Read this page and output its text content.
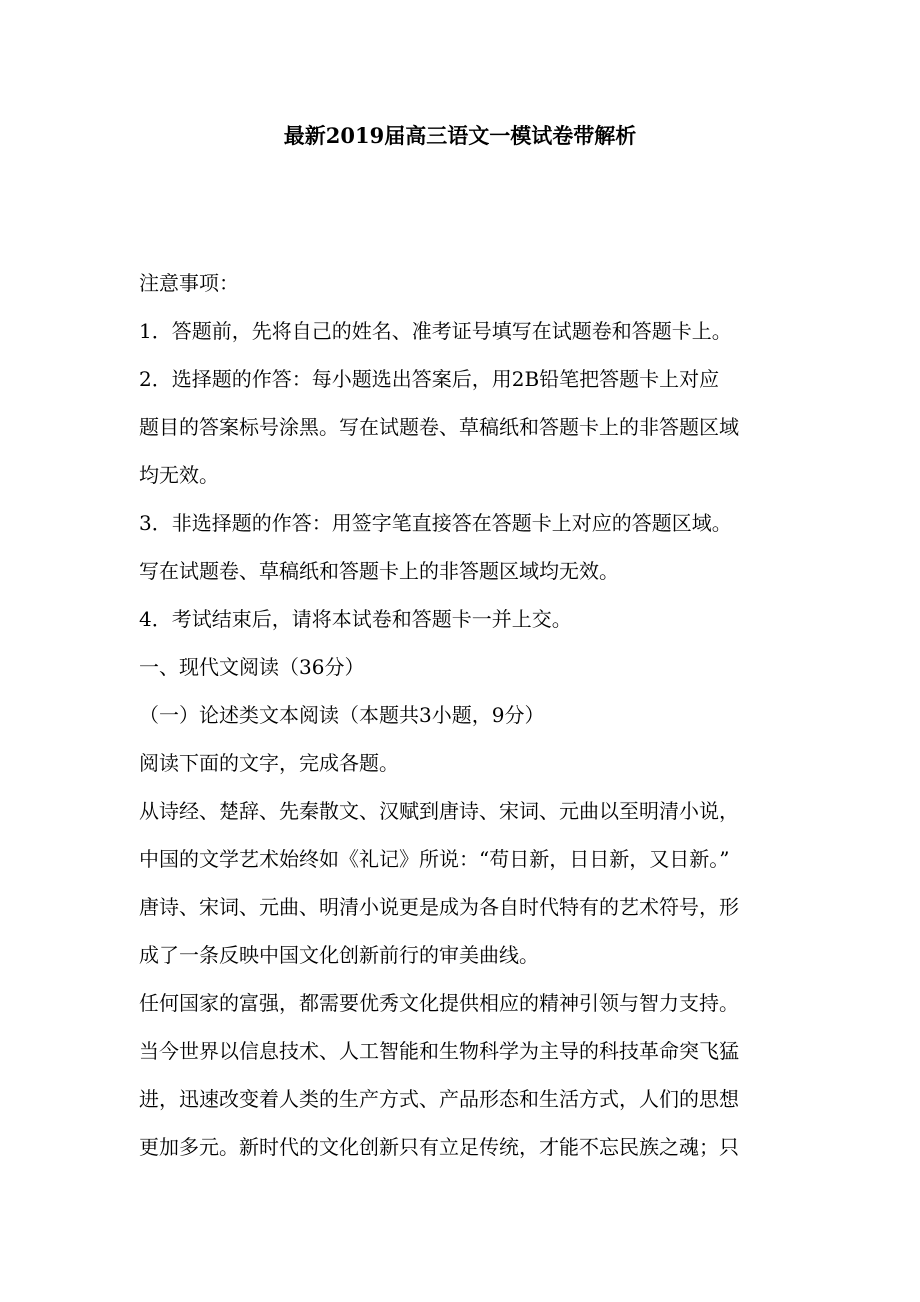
最新2019届高三语文一模试卷带解析
注意事项：
1．答题前，先将自己的姓名、准考证号填写在试题卷和答题卡上。
2．选择题的作答：每小题选出答案后，用2B铅笔把答题卡上对应
题目的答案标号涂黑。写在试题卷、草稿纸和答题卡上的非答题区域
均无效。
3．非选择题的作答：用签字笔直接答在答题卡上对应的答题区域。
写在试题卷、草稿纸和答题卡上的非答题区域均无效。
4．考试结束后，请将本试卷和答题卡一并上交。
一、现代文阅读（36分）
（一）论述类文本阅读（本题共3小题，9分）
阅读下面的文字，完成各题。
从诗经、楚辞、先秦散文、汉赋到唐诗、宋词、元曲以至明清小说，
中国的文学艺术始终如《礼记》所说：“苟日新，日日新，又日新。”
唐诗、宋词、元曲、明清小说更是成为各自时代特有的艺术符号，形
成了一条反映中国文化创新前行的审美曲线。
任何国家的富强，都需要优秀文化提供相应的精神引领与智力支持。
当今世界以信息技术、人工智能和生物科学为主导的科技革命突飞猛
进，迅速改变着人类的生产方式、产品形态和生活方式，人们的思想
更加多元。新时代的文化创新只有立足传统，才能不忘民族之魂；只
